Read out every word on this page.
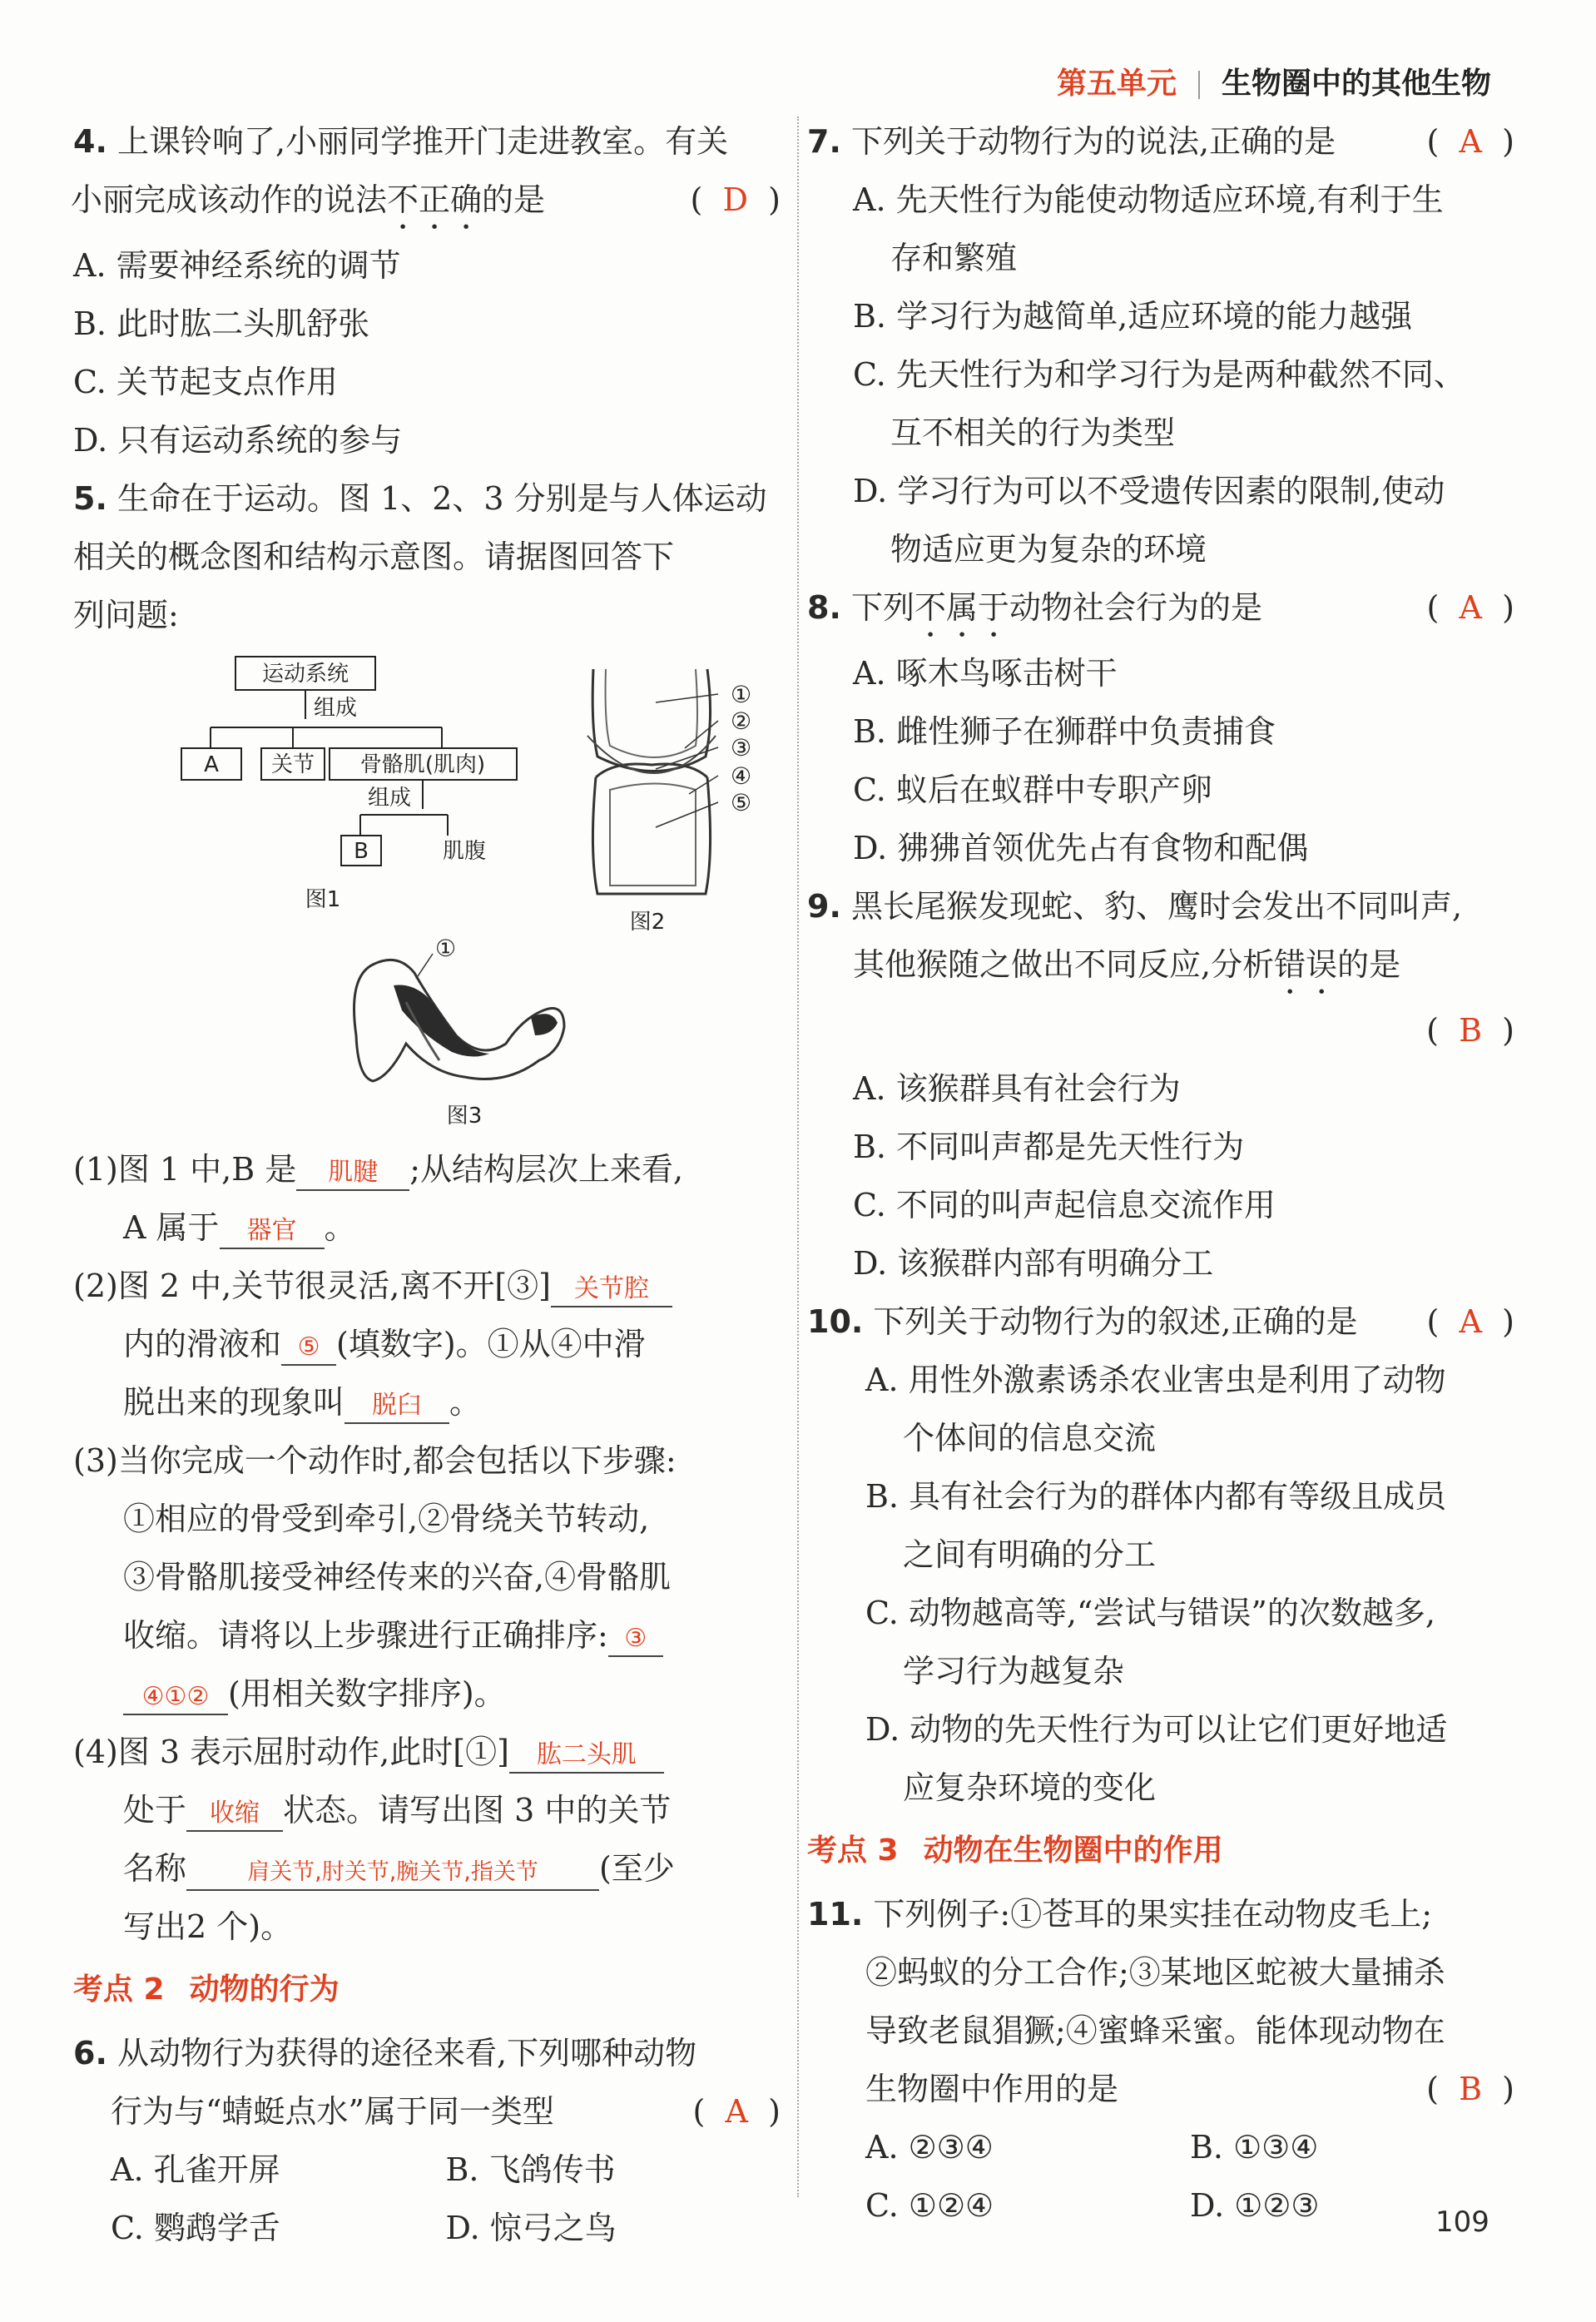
第五单元 生物圈中的其他生物
4. 上课铃响了,小丽同学推开门走进教室。有关
小丽完成该动作的说法不正确的是	( D )
A. 需要神经系统的调节
B. 此时肱二头肌舒张
C. 关节起支点作用
D. 只有运动系统的参与
5. 生命在于运动。图 1、2、3 分别是与人体运动
相关的概念图和结构示意图。请据图回答下
列问题:
运动系统
组成
A 关节 骨骼肌(肌肉)
组成
B	肌腹
图1
①
②
③
④
⑤
图2
①
图3
(1)图 1 中,B 是 肌腱 ;从结构层次上来看,
A 属于 器官 。
(2)图 2 中,关节很灵活,离不开[③] 关节腔
内的滑液和 ⑤ (填数字)。①从④中滑
脱出来的现象叫 脱臼 。
(3)当你完成一个动作时,都会包括以下步骤:
①相应的骨受到牵引,②骨绕关节转动,
③骨骼肌接受神经传来的兴奋,④骨骼肌
收缩。请将以上步骤进行正确排序: ③
④①② (用相关数字排序)。
(4)图 3 表示屈肘动作,此时[①] 肱二头肌
处于 收缩 状态。请写出图 3 中的关节
名称	肩关节,肘关节,腕关节,指关节 (至少
写出2 个)。
考点 2 动物的行为
6. 从动物行为获得的途径来看,下列哪种动物
行为与“蜻蜓点水”属于同一类型	( A )
A. 孔雀开屏	B. 飞鸽传书
C. 鹦鹉学舌	D. 惊弓之鸟
7. 下列关于动物行为的说法,正确的是	( A )
A. 先天性行为能使动物适应环境,有利于生
存和繁殖
B. 学习行为越简单,适应环境的能力越强
C. 先天性行为和学习行为是两种截然不同、
互不相关的行为类型
D. 学习行为可以不受遗传因素的限制,使动
物适应更为复杂的环境
8. 下列不属于动物社会行为的是	( A )
A. 啄木鸟啄击树干
B. 雌性狮子在狮群中负责捕食
C. 蚁后在蚁群中专职产卵
D. 狒狒首领优先占有食物和配偶
9. 黑长尾猴发现蛇、豹、鹰时会发出不同叫声,
其他猴随之做出不同反应,分析错误的是
( B )
A. 该猴群具有社会行为
B. 不同叫声都是先天性行为
C. 不同的叫声起信息交流作用
D. 该猴群内部有明确分工
10. 下列关于动物行为的叙述,正确的是 ( A )
A. 用性外激素诱杀农业害虫是利用了动物
个体间的信息交流
B. 具有社会行为的群体内都有等级且成员
之间有明确的分工
C. 动物越高等,“尝试与错误”的次数越多,
学习行为越复杂
D. 动物的先天性行为可以让它们更好地适
应复杂环境的变化
考点 3 动物在生物圈中的作用
11. 下列例子:①苍耳的果实挂在动物皮毛上;
②蚂蚁的分工合作;③某地区蛇被大量捕杀
导致老鼠猖獗;④蜜蜂采蜜。能体现动物在
生物圈中作用的是	( B )
A. ②③④	B. ①③④
C. ①②④	D. ①②③	109
